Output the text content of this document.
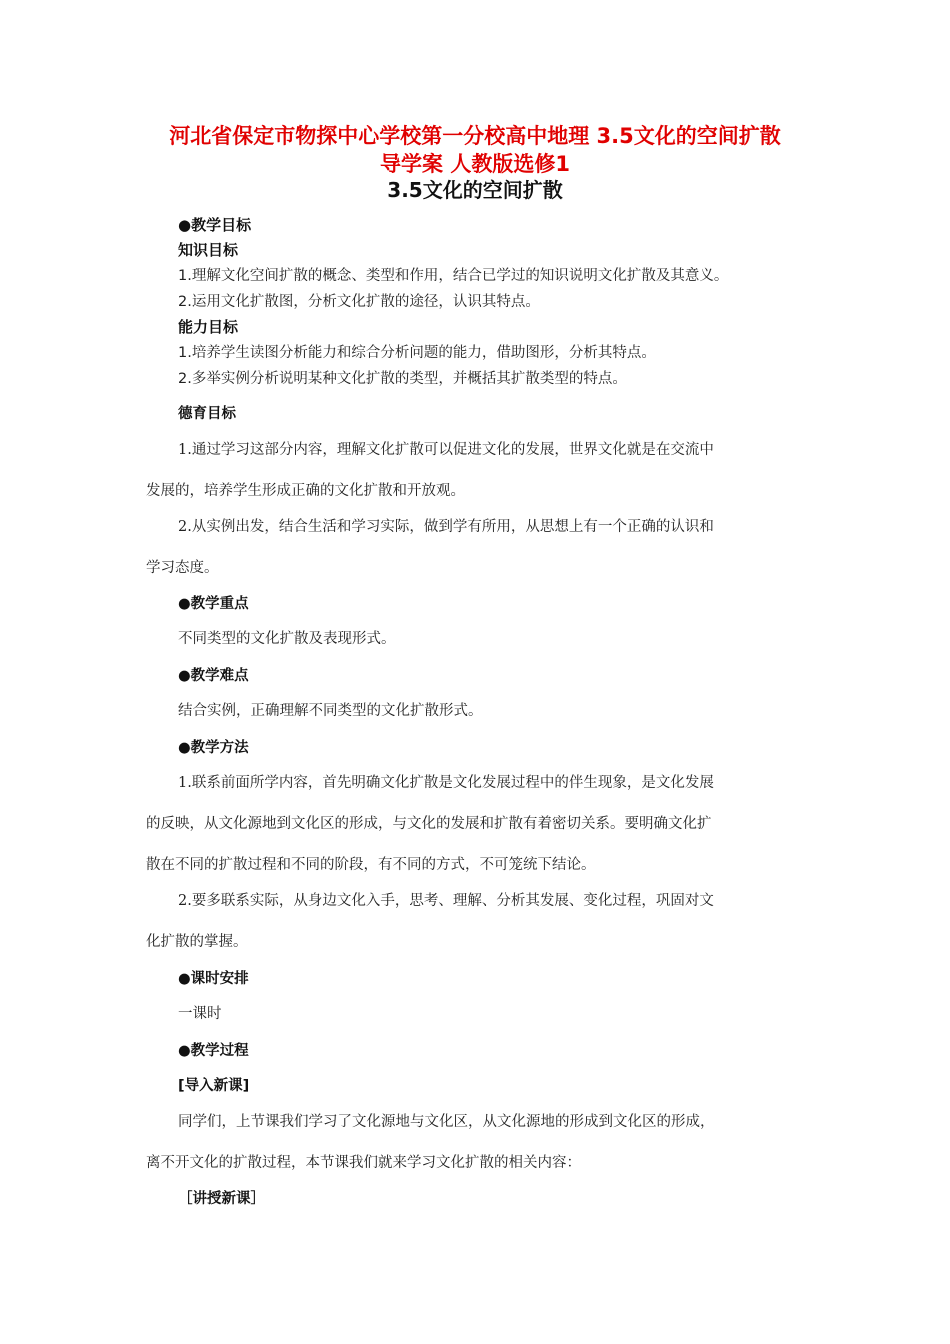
河北省保定市物探中心学校第一分校高中地理 3.5文化的空间扩散
导学案 人教版选修1
3.5文化的空间扩散
●教学目标
知识目标
1.理解文化空间扩散的概念、类型和作用，结合已学过的知识说明文化扩散及其意义。
2.运用文化扩散图，分析文化扩散的途径，认识其特点。
能力目标
1.培养学生读图分析能力和综合分析问题的能力，借助图形，分析其特点。
2.多举实例分析说明某种文化扩散的类型，并概括其扩散类型的特点。
德育目标
1.通过学习这部分内容，理解文化扩散可以促进文化的发展，世界文化就是在交流中
发展的，培养学生形成正确的文化扩散和开放观。
2.从实例出发，结合生活和学习实际，做到学有所用，从思想上有一个正确的认识和
学习态度。
●教学重点
不同类型的文化扩散及表现形式。
●教学难点
结合实例，正确理解不同类型的文化扩散形式。
●教学方法
1.联系前面所学内容，首先明确文化扩散是文化发展过程中的伴生现象，是文化发展
的反映，从文化源地到文化区的形成，与文化的发展和扩散有着密切关系。要明确文化扩
散在不同的扩散过程和不同的阶段，有不同的方式，不可笼统下结论。
2.要多联系实际，从身边文化入手，思考、理解、分析其发展、变化过程，巩固对文
化扩散的掌握。
●课时安排
一课时
●教学过程
[导入新课]
同学们，上节课我们学习了文化源地与文化区，从文化源地的形成到文化区的形成，
离不开文化的扩散过程，本节课我们就来学习文化扩散的相关内容：
［讲授新课］
